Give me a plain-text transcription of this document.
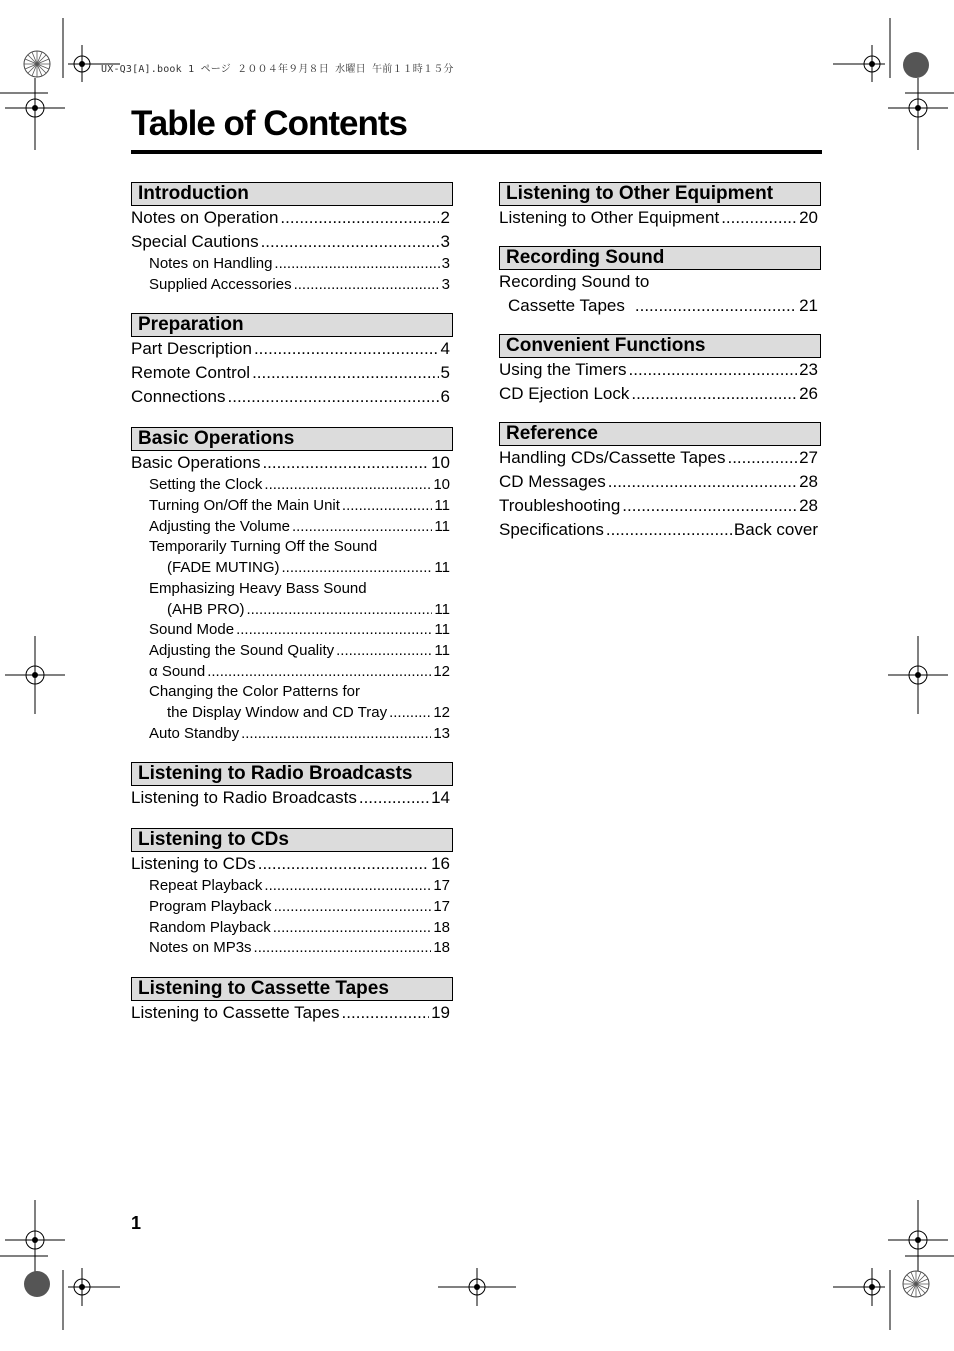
UX-Q3[A].book 1 ページ ２００４年９月８日 水曜日 午前１１時１５分
Table of Contents
Introduction
Notes on Operation .....	2
Special Cautions .....	3
Notes on Handling .....	3
Supplied Accessories .....	3
Preparation
Part Description .....	4
Remote Control .....	5
Connections .....	6
Basic Operations
Basic Operations .....	10
Setting the Clock .....	10
Turning On/Off the Main Unit .....	11
Adjusting the Volume .....	11
Temporarily Turning Off the Sound
(FADE MUTING) .....	11
Emphasizing Heavy Bass Sound
(AHB PRO) .....	11
Sound Mode .....	11
Adjusting the Sound Quality .....	11
α Sound .....	12
Changing the Color Patterns for
the Display Window and CD Tray .....	12
Auto Standby .....	13
Listening to Radio Broadcasts
Listening to Radio Broadcasts .....	14
Listening to CDs
Listening to CDs .....	16
Repeat Playback .....	17
Program Playback .....	17
Random Playback .....	18
Notes on MP3s .....	18
Listening to Cassette Tapes
Listening to Cassette Tapes .....	19
Listening to Other Equipment
Listening to Other Equipment .....	20
Recording Sound
Recording Sound to
Cassette Tapes .....	21
Convenient Functions
Using the Timers .....	23
CD Ejection Lock .....	26
Reference
Handling CDs/Cassette Tapes .....	27
CD Messages .....	28
Troubleshooting .....	28
Specifications .....	Back cover
1
